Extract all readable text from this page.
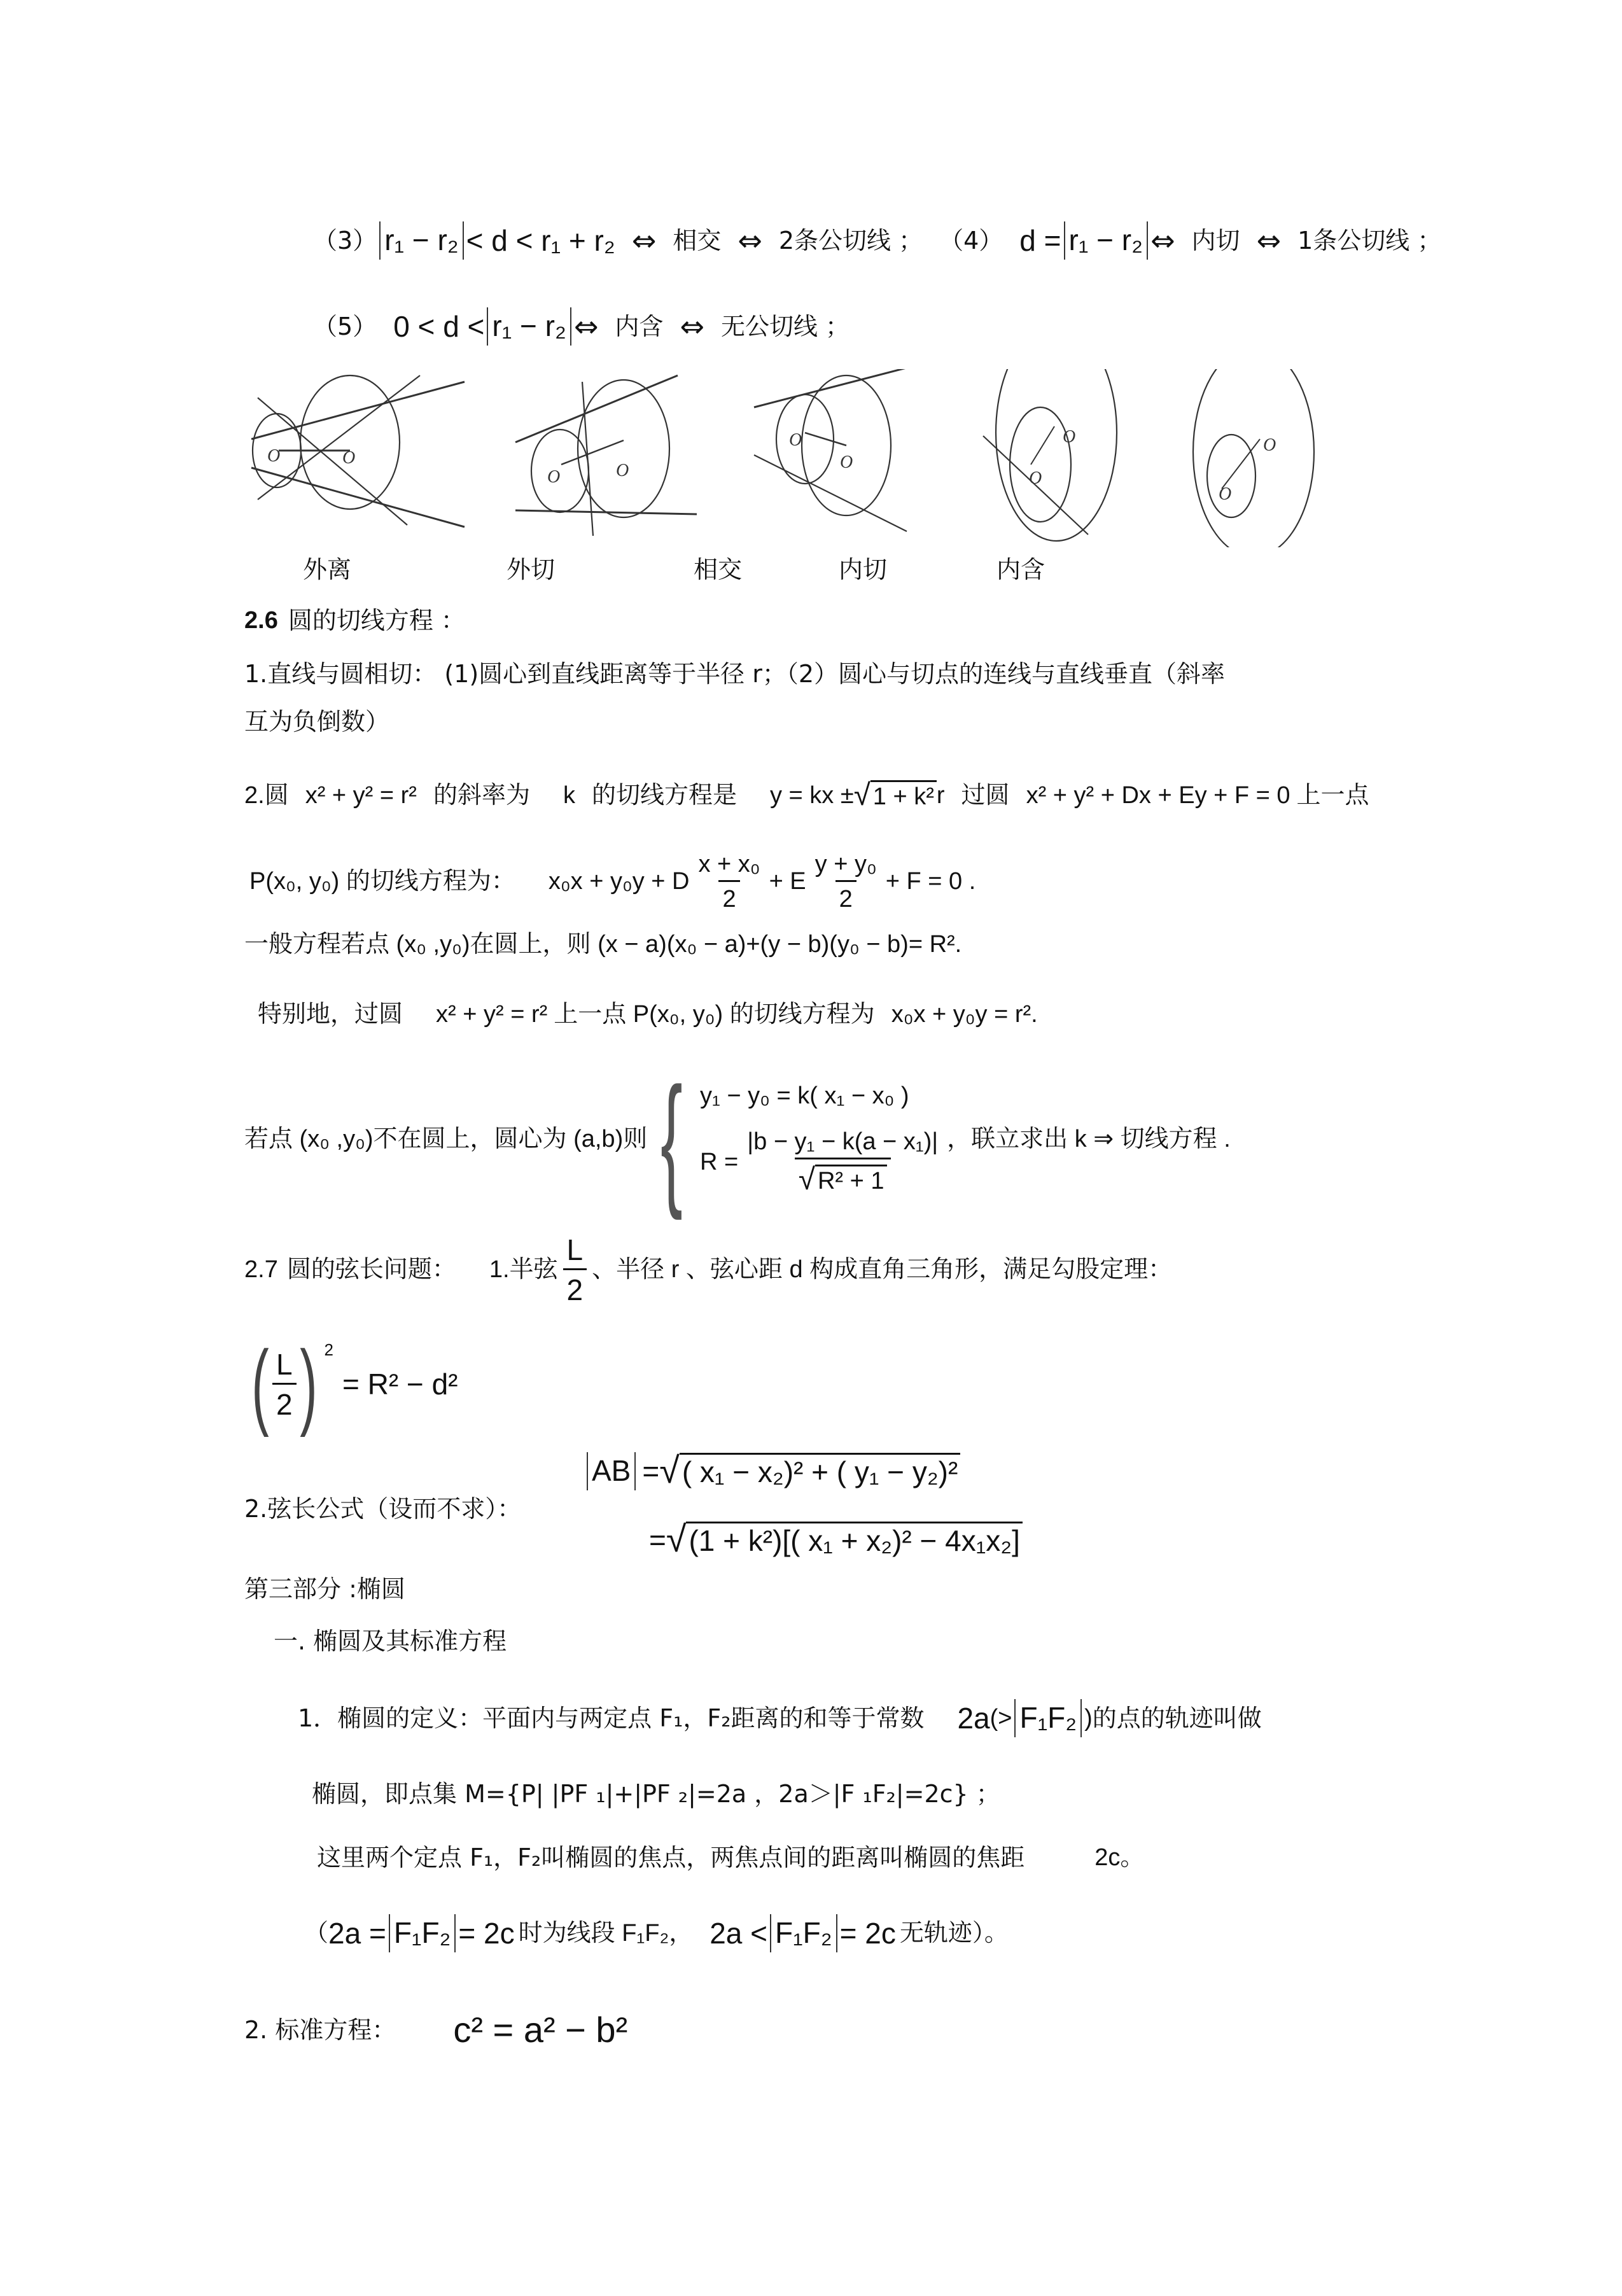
（3） r₁ − r₂ < d < r₁ + r₂ ⇔ 相交 ⇔ 2条公切线 ； （4） d = r₁ − r₂ ⇔ 内切 ⇔ 1条公切线 ；
（5） 0 < d < r₁ − r₂ ⇔ 内含 ⇔ 无公切线 ；
O	O
O	O
O
O
O
O
O
O
外离	外切	相交	内切	内含
2.6 圆的切线方程 ：
1.直线与圆相切： (1)圆心到直线距离等于半径 r；（2）圆心与切点的连线与直线垂直（斜率
互为负倒数）
2.圆 x² + y² = r² 的斜率为 k 的切线方程是 y = kx ± √ 1 + k² r 过圆 x² + y² + Dx + Ey + F = 0 上一点
P(x₀, y₀) 的切线方程为： x₀x + y₀y + D $\frac{\text{x + x₀}}{2} + E \frac{\text{y + y₀}}{2} + F = 0$ .
一般方程若点 (x₀ ,y₀)在圆上，则 (x − a)(x₀ − a)+(y − b)(y₀ − b)= R².
特别地，过圆 x² + y² = r² 上一点 P(x₀, y₀) 的切线方程为 x₀x + y₀y = r².
若点 (x₀ ,y₀)不在圆上，圆心为 (a,b)则 { y₁ − y₀ = k( x₁ − x₀ )
$R = \frac{\text{|b − y₁ − k(a − x₁)|}}{\text{√ R² + 1}}$ ，联立求出 k ⇒ 切线方程 .
2.7 圆的弦长问题： 1.半弦 $\frac{L}{2}$ 、半径 r 、弦心距 d 构成直角三角形，满足勾股定理：
( $\frac{L}{2}$ ) 2
= R² − d²
2.弦长公式（设而不求）：
AB = √ ( x₁ − x₂)² + ( y₁ − y₂)²
= √ (1 + k²)[( x₁ + x₂)² − 4x₁x₂]
第三部分 :椭圆
一. 椭圆及其标准方程
1．椭圆的定义：平面内与两定点 F₁，F₂距离的和等于常数 2a (> F₁F₂ ) 的点的轨迹叫做
椭圆，即点集 M={P| |PF ₁|+|PF ₂|=2a ，2a＞|F ₁F₂|=2c} ；
这里两个定点 F₁，F₂叫椭圆的焦点，两焦点间的距离叫椭圆的焦距	2c。
（ 2a = F₁F₂ = 2c 时为线段 F₁F₂， 2a < F₁F₂ = 2c 无轨迹）。
2. 标准方程： c² = a² − b²
